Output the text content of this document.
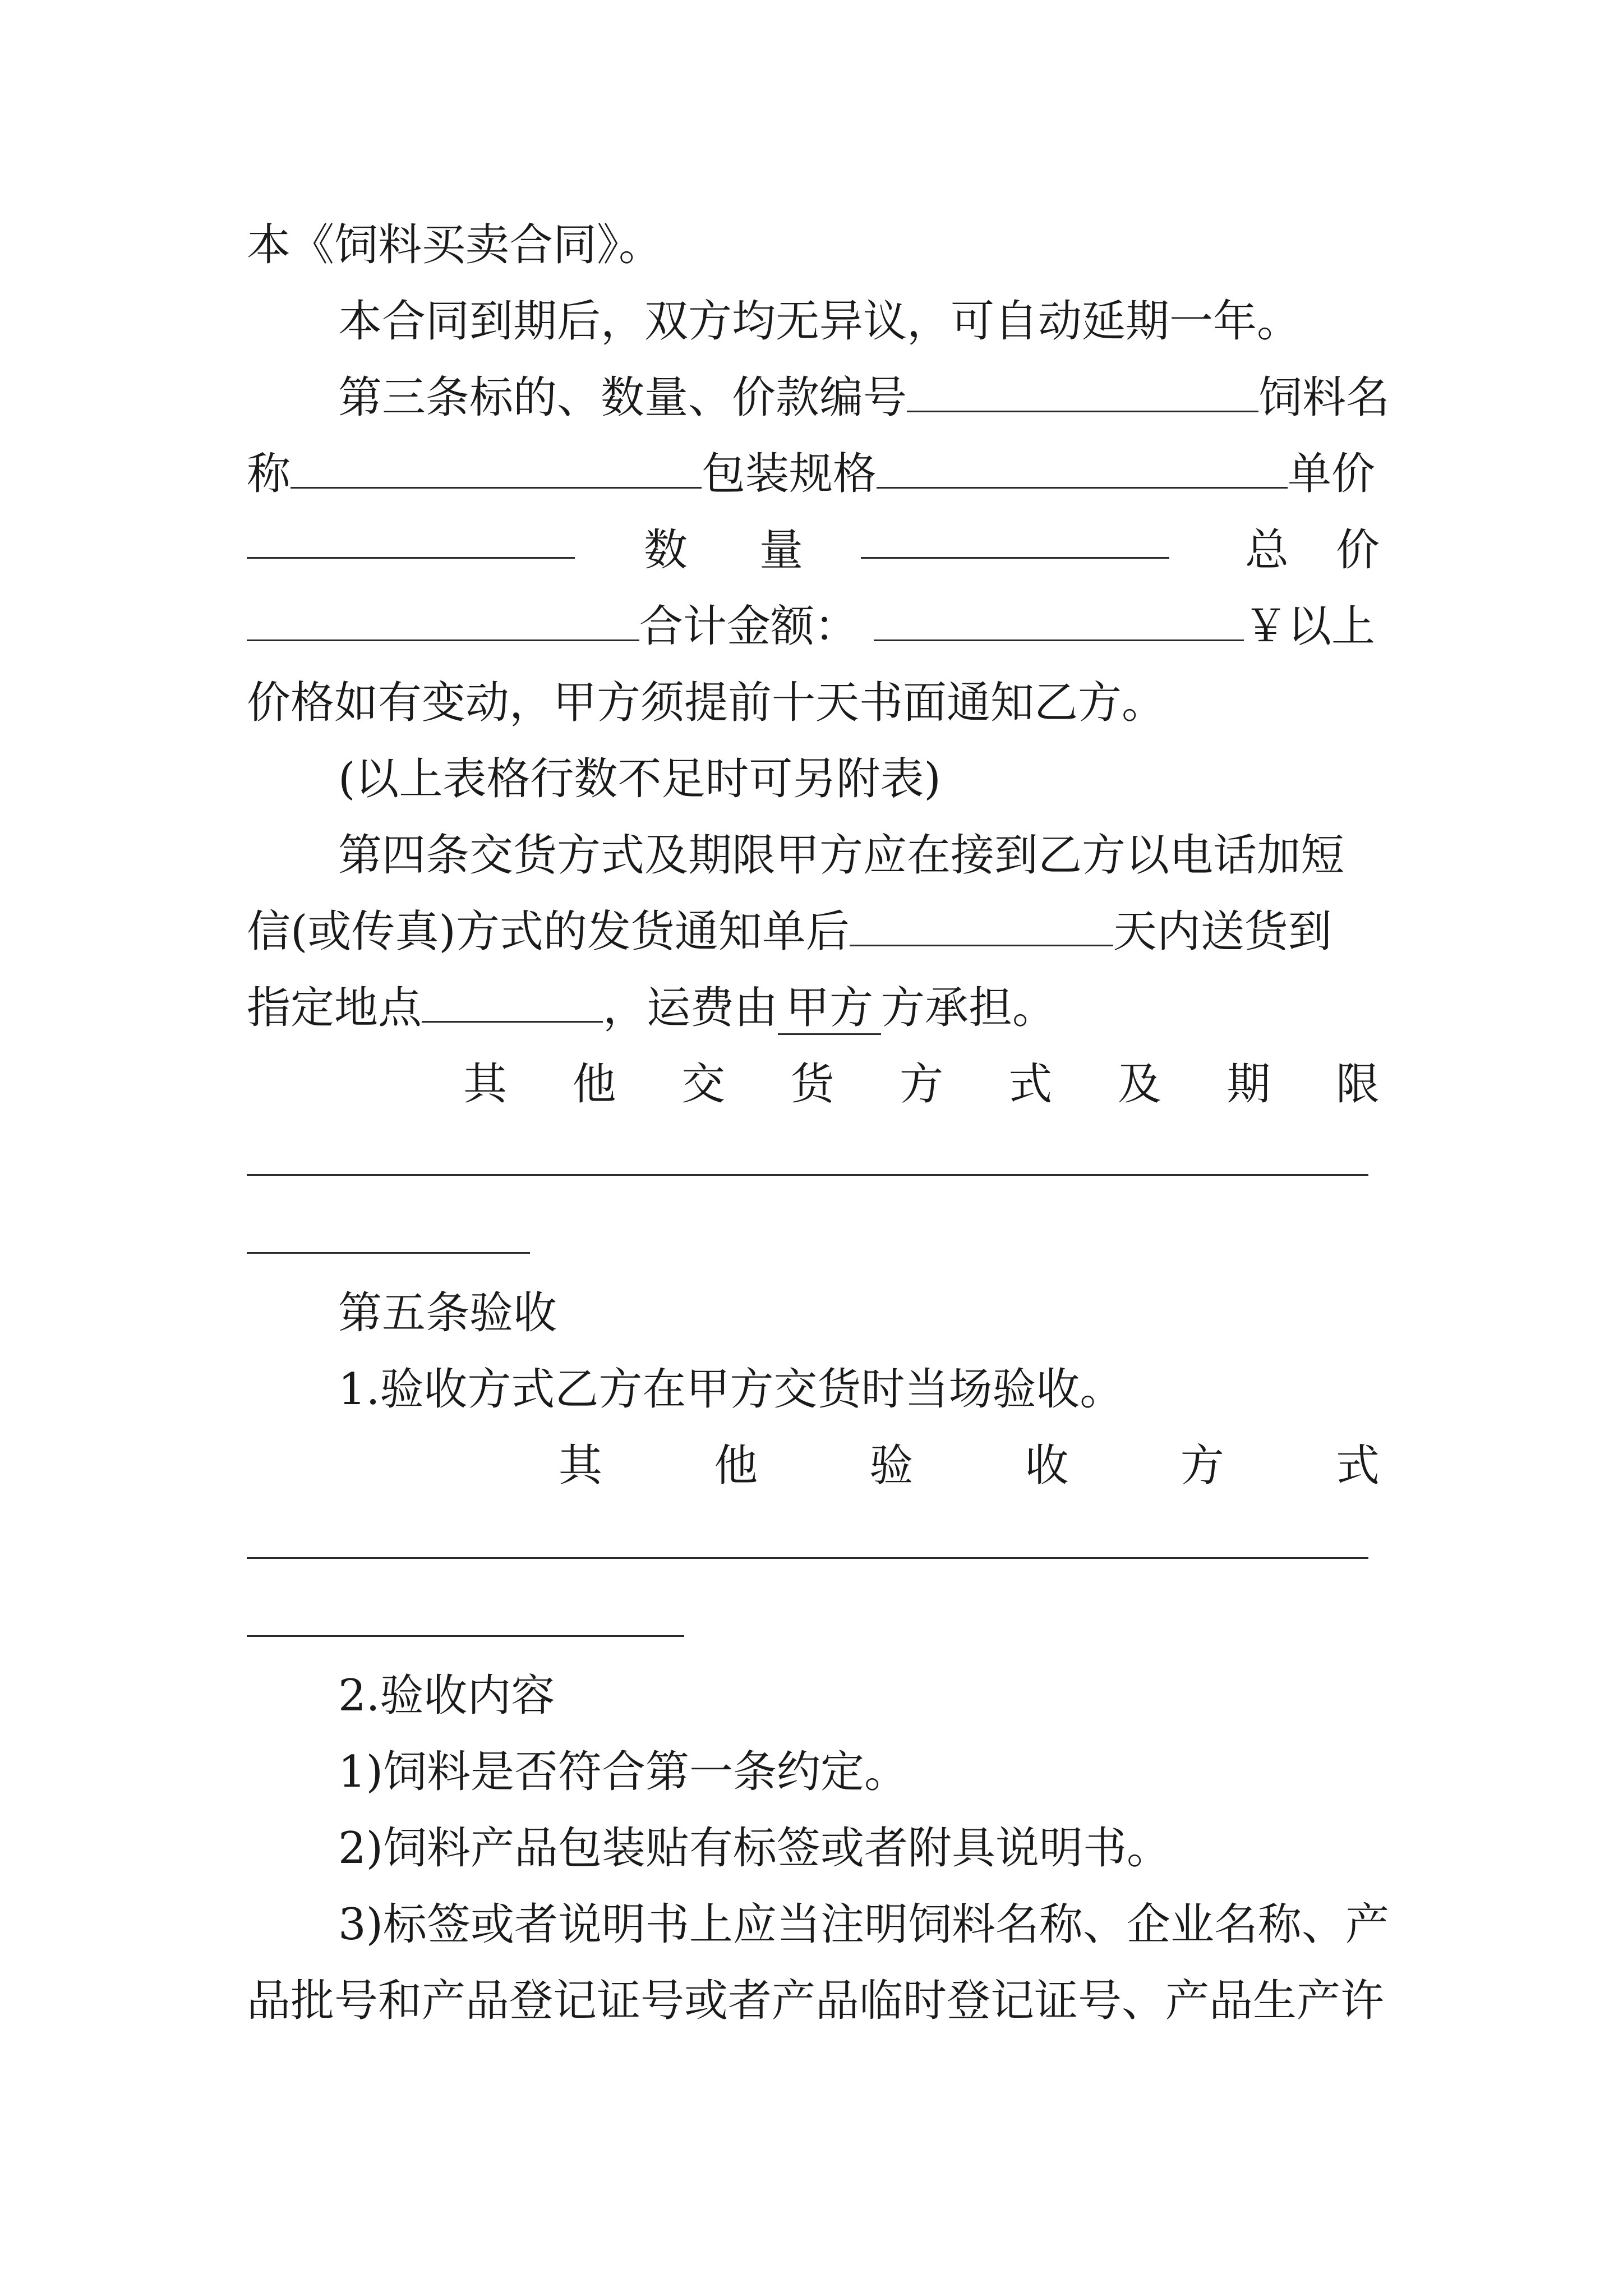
本《饲料买卖合同》。
本合同到期后，双方均无异议，可自动延期一年。
第三条标的、数量、价款编号	饲料名
称	包装规格	单价
数 量	总 价
合计金额：	￥以上
价格如有变动，甲方须提前十天书面通知乙方。
(以上表格行数不足时可另附表)
第四条交货方式及期限甲方应在接到乙方以电话加短
信(或传真)方式的发货通知单后	天内送货到
指定地点	，运费由 甲方 方承担。
其 他 交 货 方 式 及 期 限
第五条验收
1.验收方式乙方在甲方交货时当场验收。
其	他	验	收	方	式
2.验收内容
1)饲料是否符合第一条约定。
2)饲料产品包装贴有标签或者附具说明书。
3)标签或者说明书上应当注明饲料名称、企业名称、产
品批号和产品登记证号或者产品临时登记证号、产品生产许
